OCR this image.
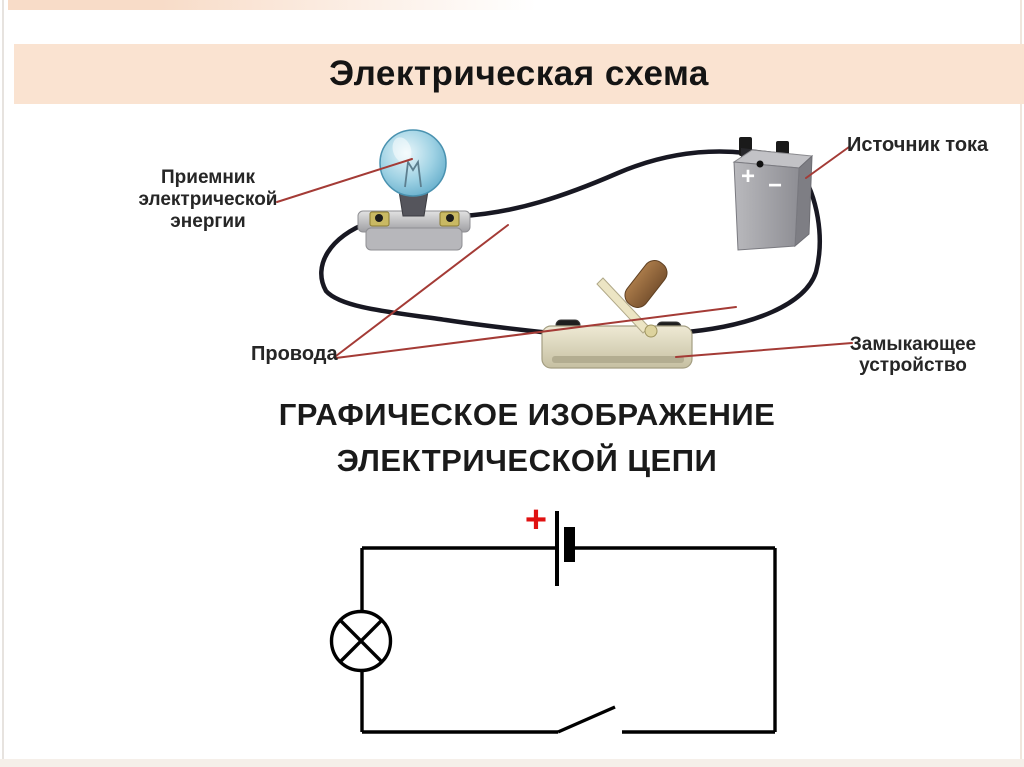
Электрическая схема
+ −
+
Приемник
электрической
энергии
Источник тока
Провода	Замыкающее
устройство
ГРАФИЧЕСКОЕ ИЗОБРАЖЕНИЕ
ЭЛЕКТРИЧЕСКОЙ ЦЕПИ
